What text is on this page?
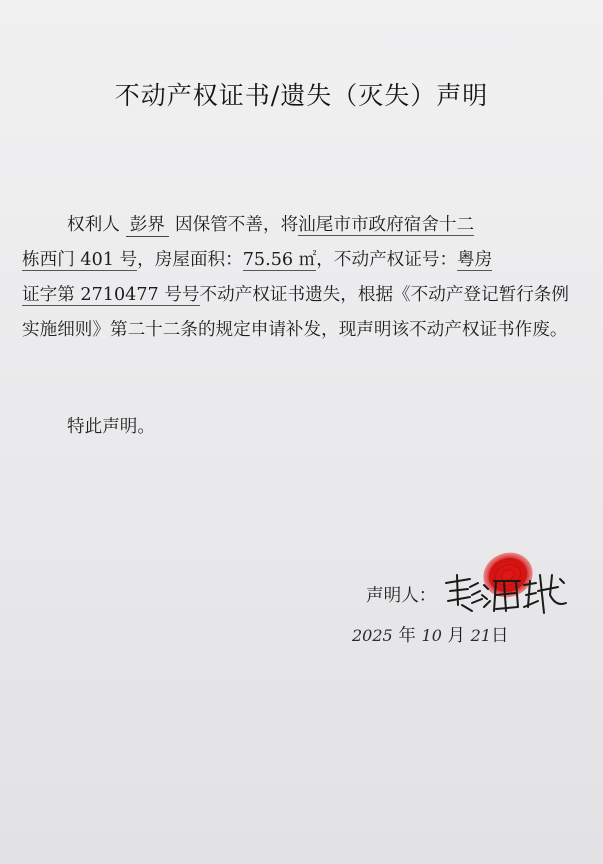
不动产权证书/遗失（灭失）声明
权利人 彭界 因保管不善，将汕尾市市政府宿舍十二
栋西门 401 号，房屋面积：75.56 ㎡，不动产权证号：粤房
证字第 2710477 号号不动产权证书遗失，根据《不动产登记暂行条例实施细则》第二十二条的规定申请补发，现声明该不动产权证书作废。
特此声明。
声明人：
2025 年 10 月 21日
